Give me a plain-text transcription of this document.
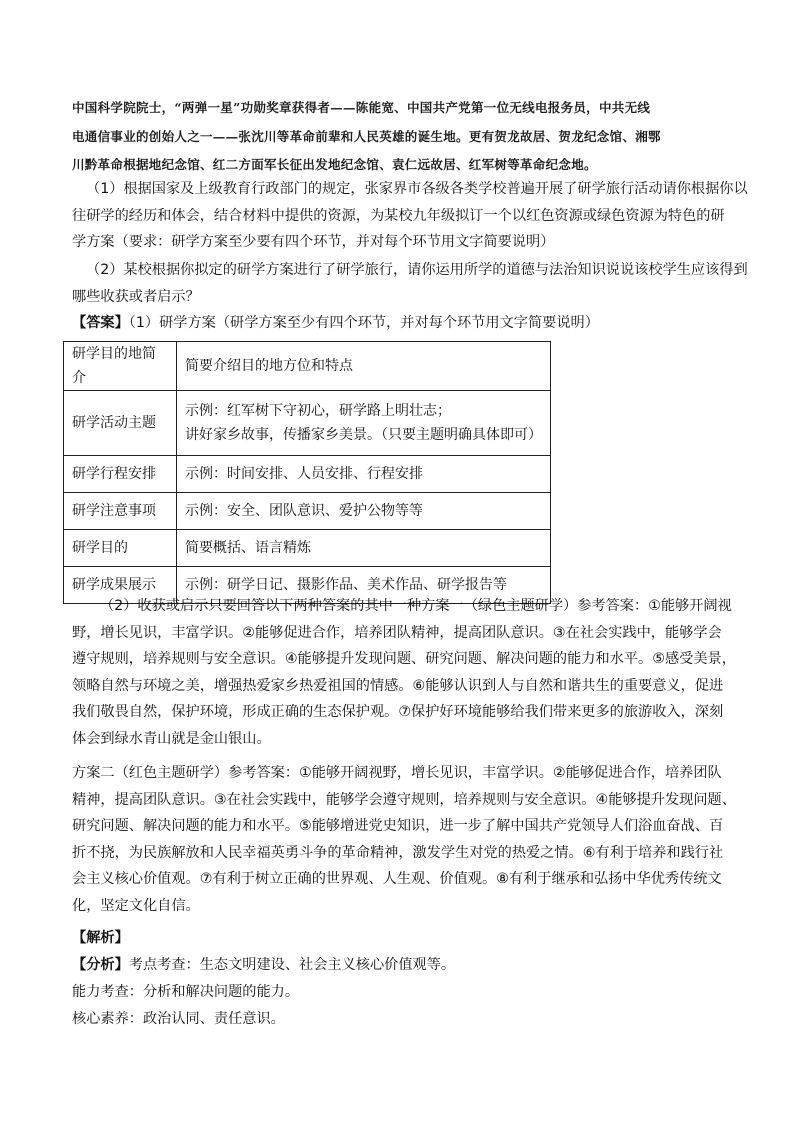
中国科学院院士，“两弹一星”功勋奖章获得者——陈能宽、中国共产党第一位无线电报务员，中共无线
电通信事业的创始人之一——张沈川等革命前辈和人民英雄的诞生地。更有贺龙故居、贺龙纪念馆、湘鄂
川黔革命根据地纪念馆、红二方面军长征出发地纪念馆、袁仁远故居、红军树等革命纪念地。
（1）根据国家及上级教育行政部门的规定，张家界市各级各类学校普遍开展了研学旅行活动请你根据你以
往研学的经历和体会，结合材料中提供的资源，为某校九年级拟订一个以红色资源或绿色资源为特色的研
学方案（要求：研学方案至少要有四个环节，并对每个环节用文字简要说明）
（2）某校根据你拟定的研学方案进行了研学旅行，请你运用所学的道德与法治知识说说该校学生应该得到
哪些收获或者启示？
【答案】（1）研学方案（研学方案至少有四个环节，并对每个环节用文字简要说明）
研学目的地简介	简要介绍目的地方位和特点

研学活动主题	示例：红军树下守初心，研学路上明壮志；
讲好家乡故事，传播家乡美景。（只要主题明确具体即可）

研学行程安排	示例：时间安排、人员安排、行程安排

研学注意事项	示例：安全、团队意识、爱护公物等等

研学目的	简要概括、语言精炼

研学成果展示	示例：研学日记、摄影作品、美术作品、研学报告等
（2）收获或启示只要回答以下两种答案的其中一种方案一（绿色主题研学）参考答案：①能够开阔视
野，增长见识，丰富学识。②能够促进合作，培养团队精神，提高团队意识。③在社会实践中，能够学会
遵守规则，培养规则与安全意识。④能够提升发现问题、研究问题、解决问题的能力和水平。⑤感受美景，
领略自然与环境之美，增强热爱家乡热爱祖国的情感。⑥能够认识到人与自然和谐共生的重要意义，促进
我们敬畏自然，保护环境，形成正确的生态保护观。⑦保护好环境能够给我们带来更多的旅游收入，深刻
体会到绿水青山就是金山银山。
方案二（红色主题研学）参考答案：①能够开阔视野，增长见识，丰富学识。②能够促进合作，培养团队
精神，提高团队意识。③在社会实践中，能够学会遵守规则，培养规则与安全意识。④能够提升发现问题、
研究问题、解决问题的能力和水平。⑤能够增进党史知识，进一步了解中国共产党领导人们浴血奋战、百
折不挠，为民族解放和人民幸福英勇斗争的革命精神，激发学生对党的热爱之情。⑥有利于培养和践行社
会主义核心价值观。⑦有利于树立正确的世界观、人生观、价值观。⑧有利于继承和弘扬中华优秀传统文
化，坚定文化自信。
【解析】
【分析】考点考查：生态文明建设、社会主义核心价值观等。
能力考查：分析和解决问题的能力。
核心素养：政治认同、责任意识。
